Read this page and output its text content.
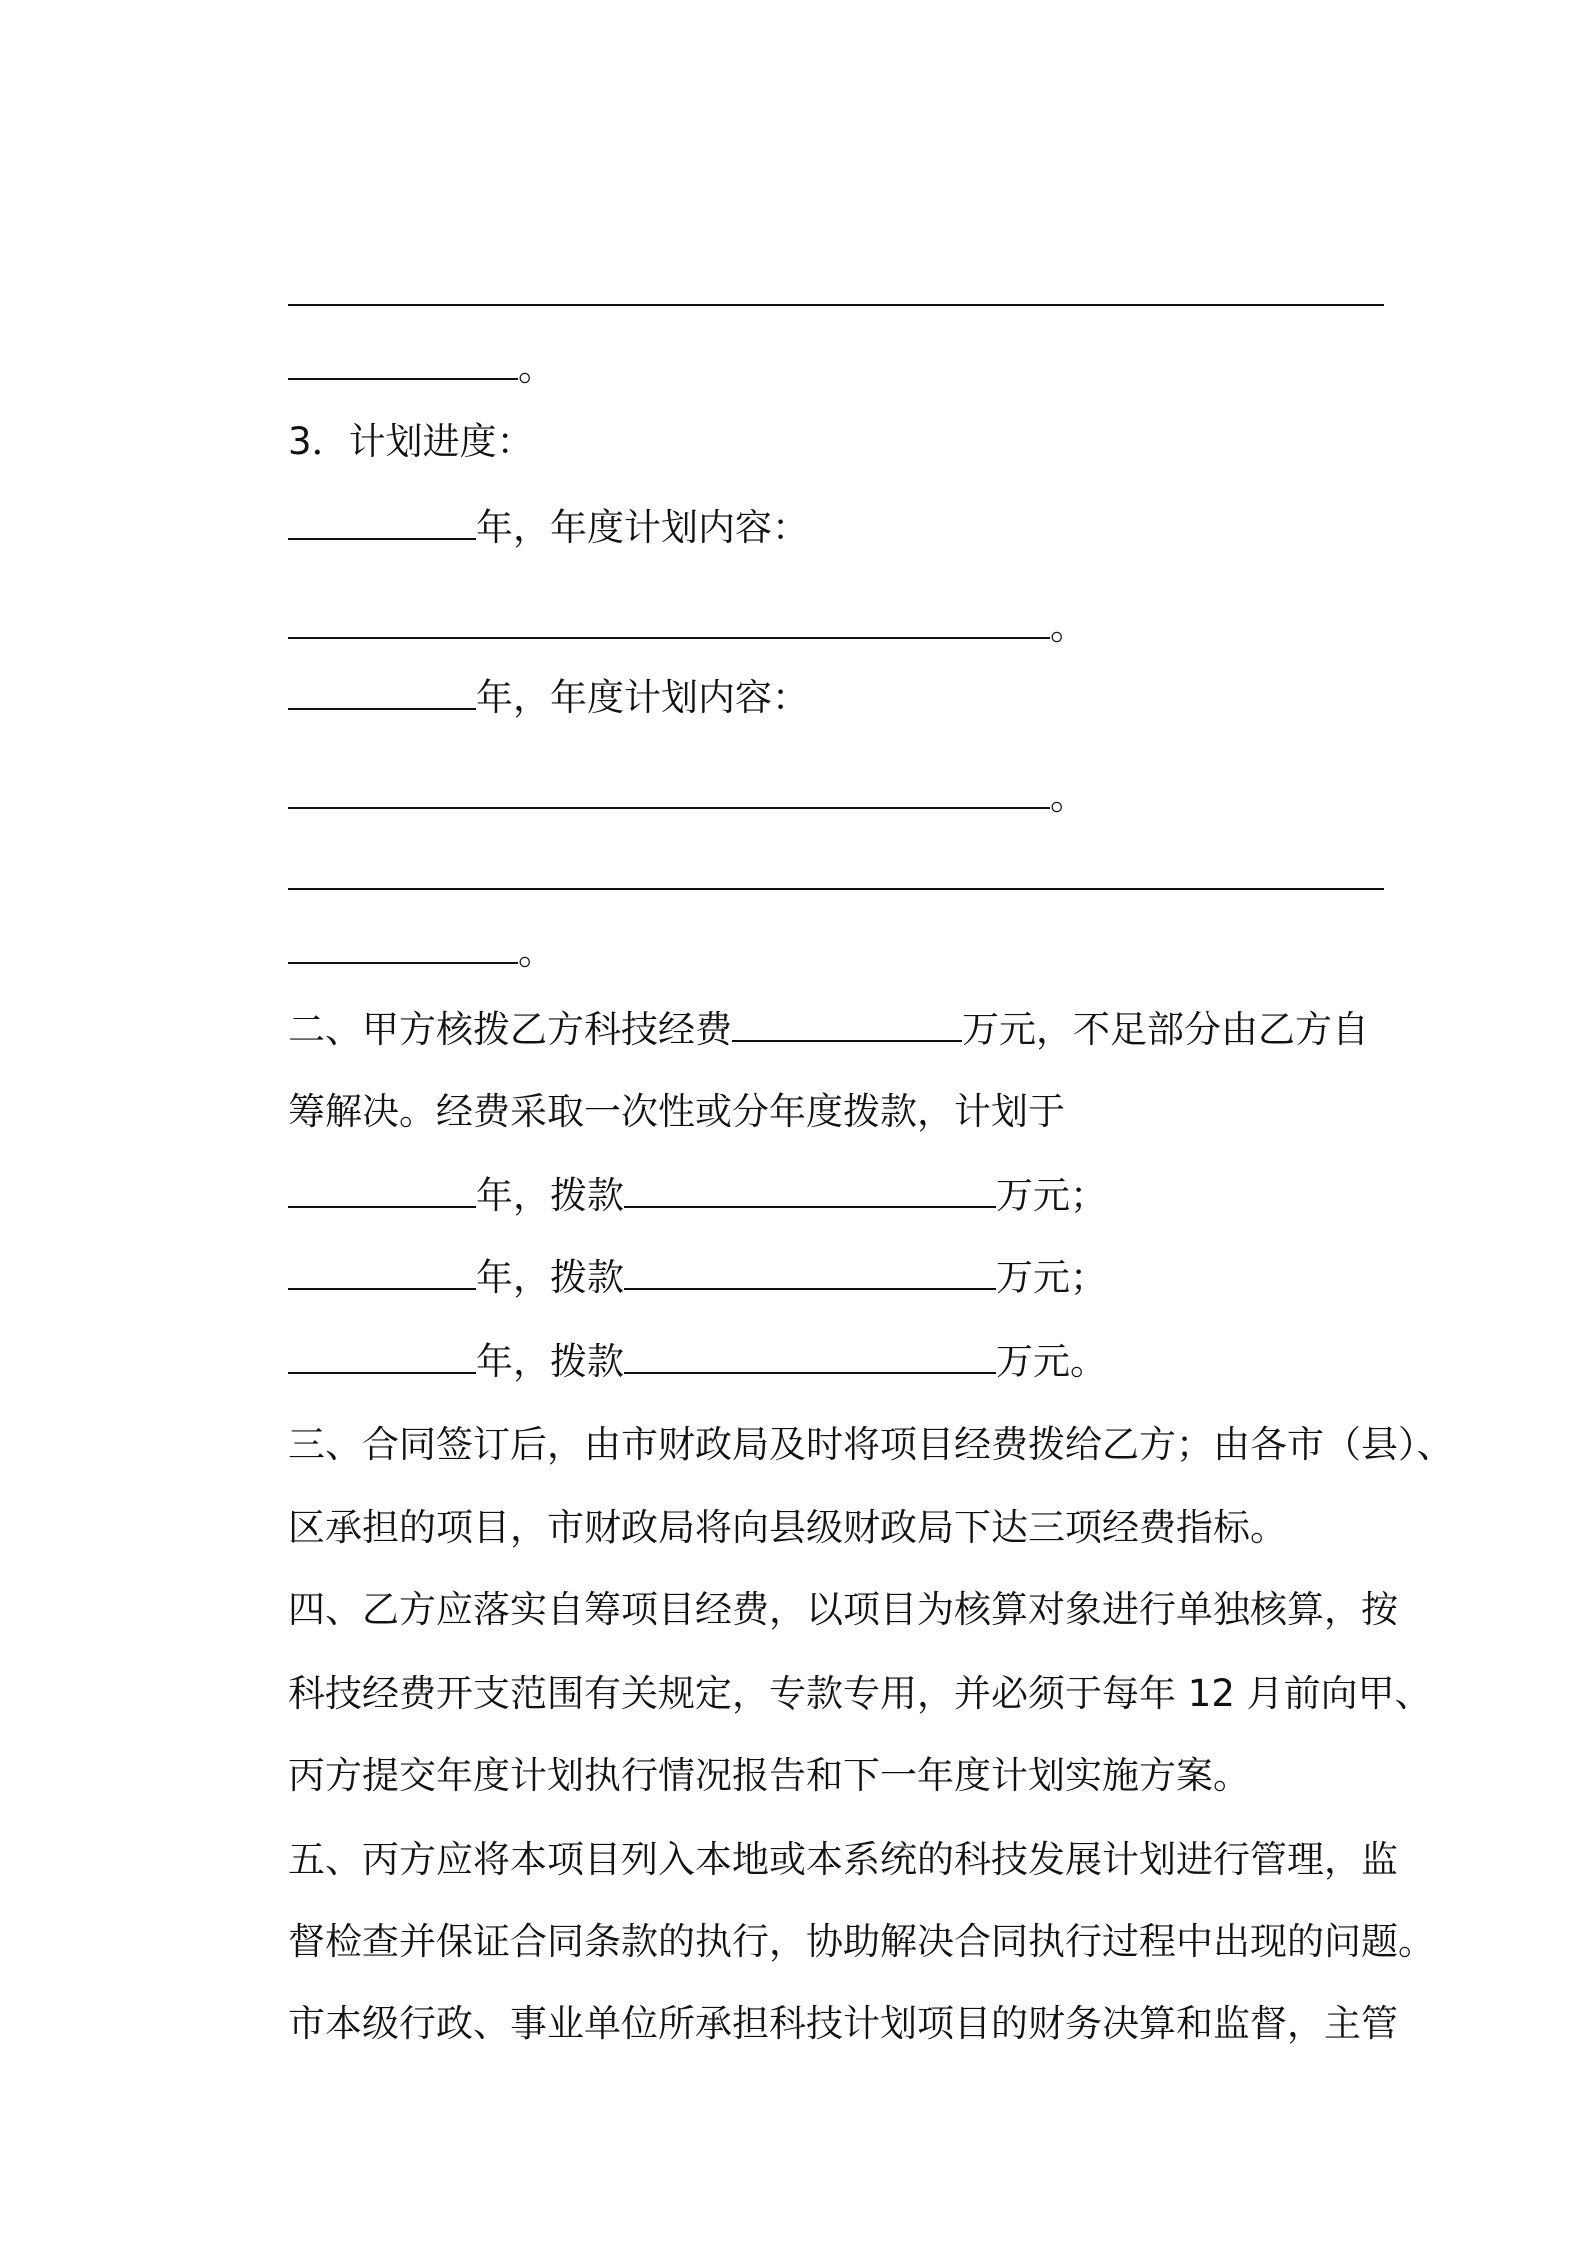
。

3．计划进度：

年，年度计划内容：

。

年，年度计划内容：

。

。

二、甲方核拨乙方科技经费	万元，不足部分由乙方自

筹解决。经费采取一次性或分年度拨款，计划于

年，拨款	万元；

年，拨款	万元；

年，拨款	万元。

三、合同签订后，由市财政局及时将项目经费拨给乙方；由各市（县）、

区承担的项目，市财政局将向县级财政局下达三项经费指标。

四、乙方应落实自筹项目经费，以项目为核算对象进行单独核算，按

科技经费开支范围有关规定，专款专用，并必须于每年 12 月前向甲、

丙方提交年度计划执行情况报告和下一年度计划实施方案。

五、丙方应将本项目列入本地或本系统的科技发展计划进行管理，监

督检查并保证合同条款的执行，协助解决合同执行过程中出现的问题。

市本级行政、事业单位所承担科技计划项目的财务决算和监督，主管
